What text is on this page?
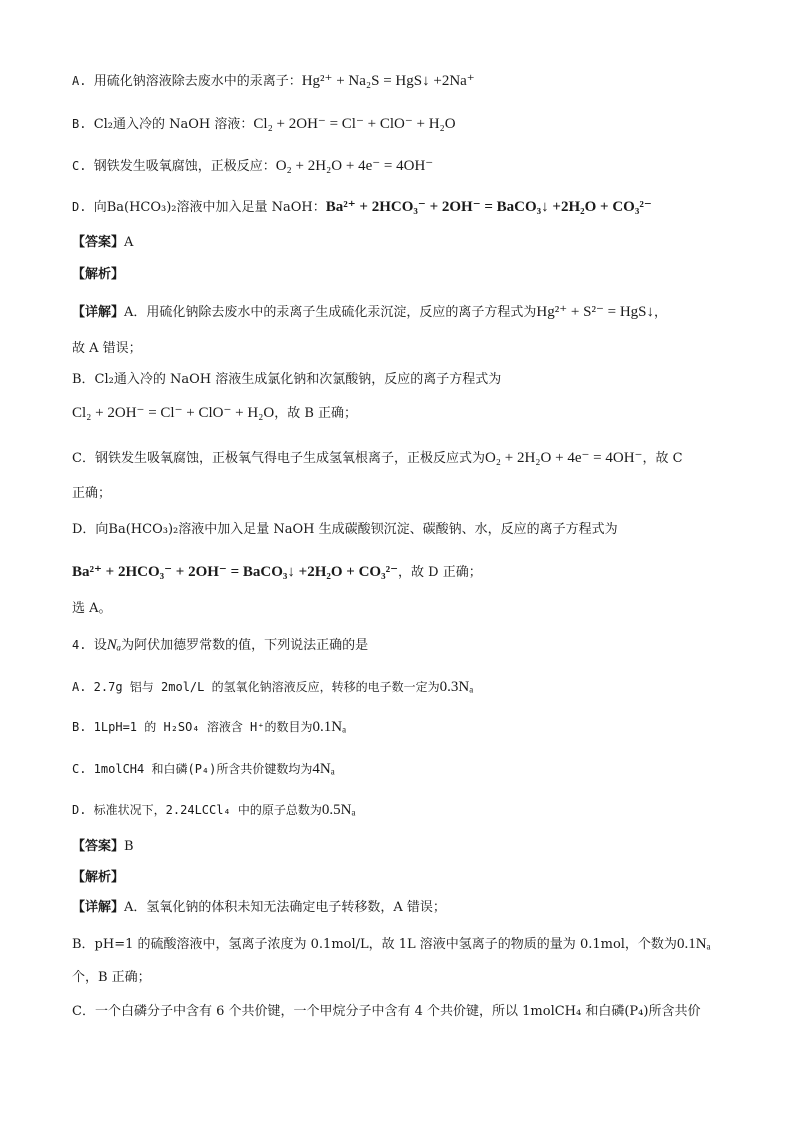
A. 用硫化钠溶液除去废水中的汞离子：Hg²⁺ + Na₂S = HgS↓ +2Na⁺
B. Cl₂通入冷的 NaOH 溶液：Cl₂ + 2OH⁻ = Cl⁻ + ClO⁻ + H₂O
C. 钢铁发生吸氧腐蚀，正极反应：O₂ + 2H₂O + 4e⁻ = 4OH⁻
D. 向Ba(HCO₃)₂溶液中加入足量 NaOH：Ba²⁺ + 2HCO₃⁻ + 2OH⁻ = BaCO₃↓ +2H₂O + CO₃²⁻
【答案】A
【解析】
【详解】A．用硫化钠除去废水中的汞离子生成硫化汞沉淀，反应的离子方程式为Hg²⁺ + S²⁻ = HgS↓，
故 A 错误；
B．Cl₂通入冷的 NaOH 溶液生成氯化钠和次氯酸钠，反应的离子方程式为
Cl₂ + 2OH⁻ = Cl⁻ + ClO⁻ + H₂O，故 B 正确；
C．钢铁发生吸氧腐蚀，正极氧气得电子生成氢氧根离子，正极反应式为O₂ + 2H₂O + 4e⁻ = 4OH⁻，故 C
正确；
D．向Ba(HCO₃)₂溶液中加入足量 NaOH 生成碳酸钡沉淀、碳酸钠、水，反应的离子方程式为
Ba²⁺ + 2HCO₃⁻ + 2OH⁻ = BaCO₃↓ +2H₂O + CO₃²⁻，故 D 正确；
选 A。
4. 设Nₐ为阿伏加德罗常数的值，下列说法正确的是
A. 2.7g 铝与 2mol/L 的氢氧化钠溶液反应，转移的电子数一定为0.3Nₐ
B. 1LpH=1 的 H₂SO₄ 溶液含 H⁺的数目为0.1Nₐ
C. 1molCH4 和白磷(P₄)所含共价键数均为4Nₐ
D. 标准状况下，2.24LCCl₄ 中的原子总数为0.5Nₐ
【答案】B
【解析】
【详解】A．氢氧化钠的体积未知无法确定电子转移数，A 错误；
B．pH=1 的硫酸溶液中，氢离子浓度为 0.1mol/L，故 1L 溶液中氢离子的物质的量为 0.1mol，个数为0.1Nₐ
个，B 正确；
C．一个白磷分子中含有 6 个共价键，一个甲烷分子中含有 4 个共价键，所以 1molCH₄ 和白磷(P₄)所含共价
